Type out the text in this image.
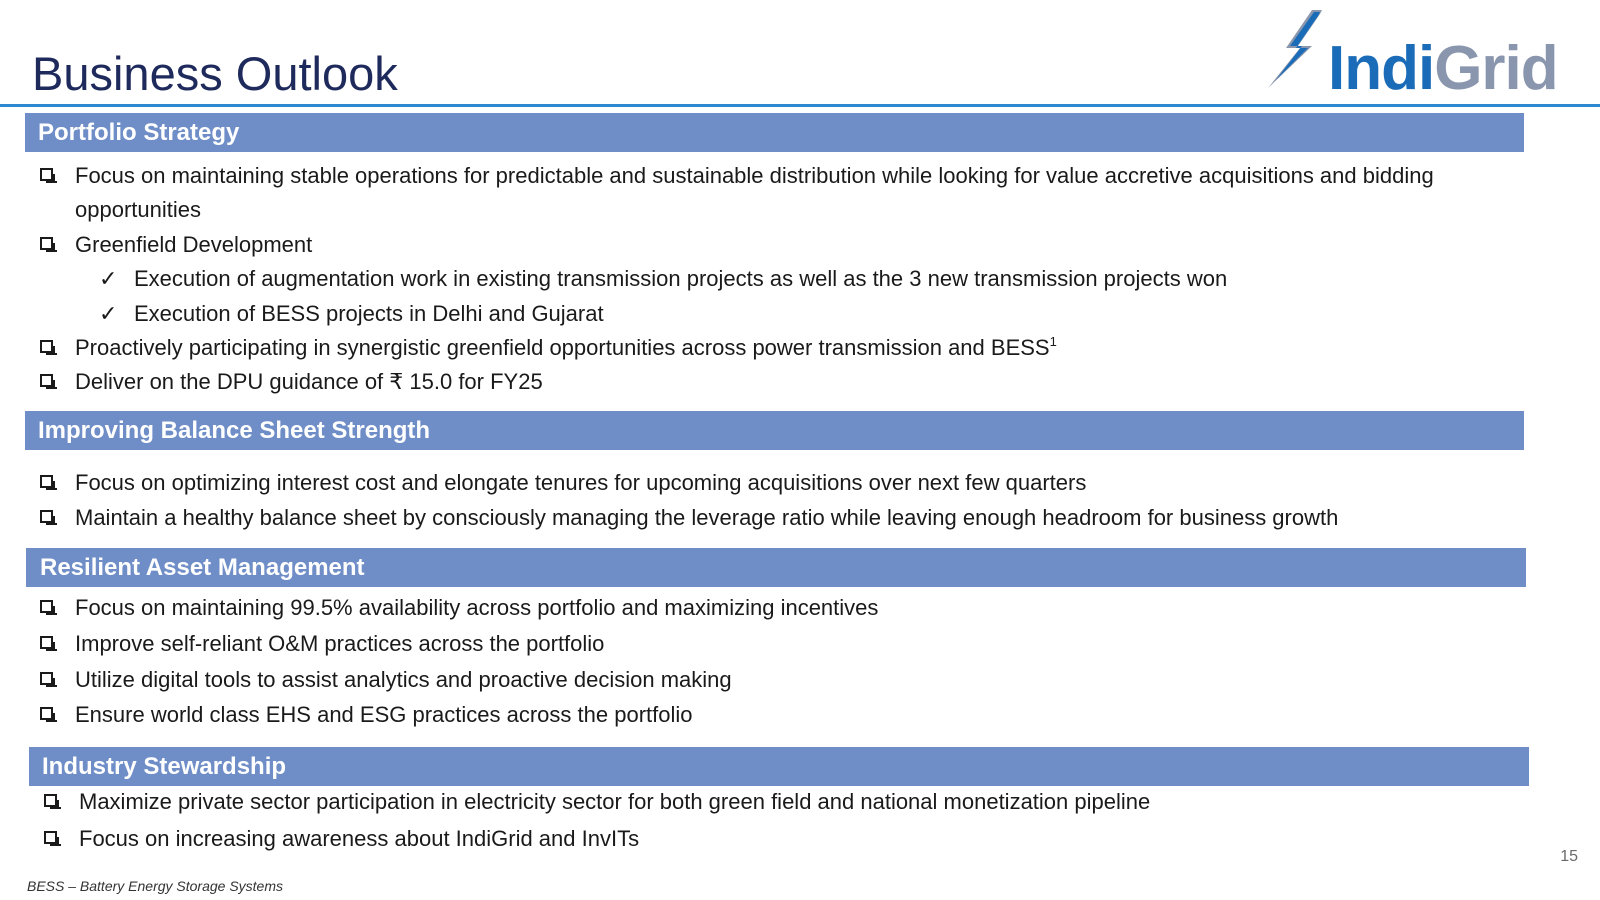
Business Outlook	IndiGrid
Portfolio Strategy
Focus on maintaining stable operations for predictable and sustainable distribution while looking for value accretive acquisitions and bidding
opportunities
Greenfield Development
✓ Execution of augmentation work in existing transmission projects as well as the 3 new transmission projects won
✓ Execution of BESS projects in Delhi and Gujarat
Proactively participating in synergistic greenfield opportunities across power transmission and BESS$^1$
Deliver on the DPU guidance of ₹ 15.0 for FY25
Improving Balance Sheet Strength
Focus on optimizing interest cost and elongate tenures for upcoming acquisitions over next few quarters
Maintain a healthy balance sheet by consciously managing the leverage ratio while leaving enough headroom for business growth
Resilient Asset Management
Focus on maintaining 99.5% availability across portfolio and maximizing incentives
Improve self-reliant O&M practices across the portfolio
Utilize digital tools to assist analytics and proactive decision making
Ensure world class EHS and ESG practices across the portfolio
Industry Stewardship
Maximize private sector participation in electricity sector for both green field and national monetization pipeline
Focus on increasing awareness about IndiGrid and InvITs
15
BESS – Battery Energy Storage Systems
